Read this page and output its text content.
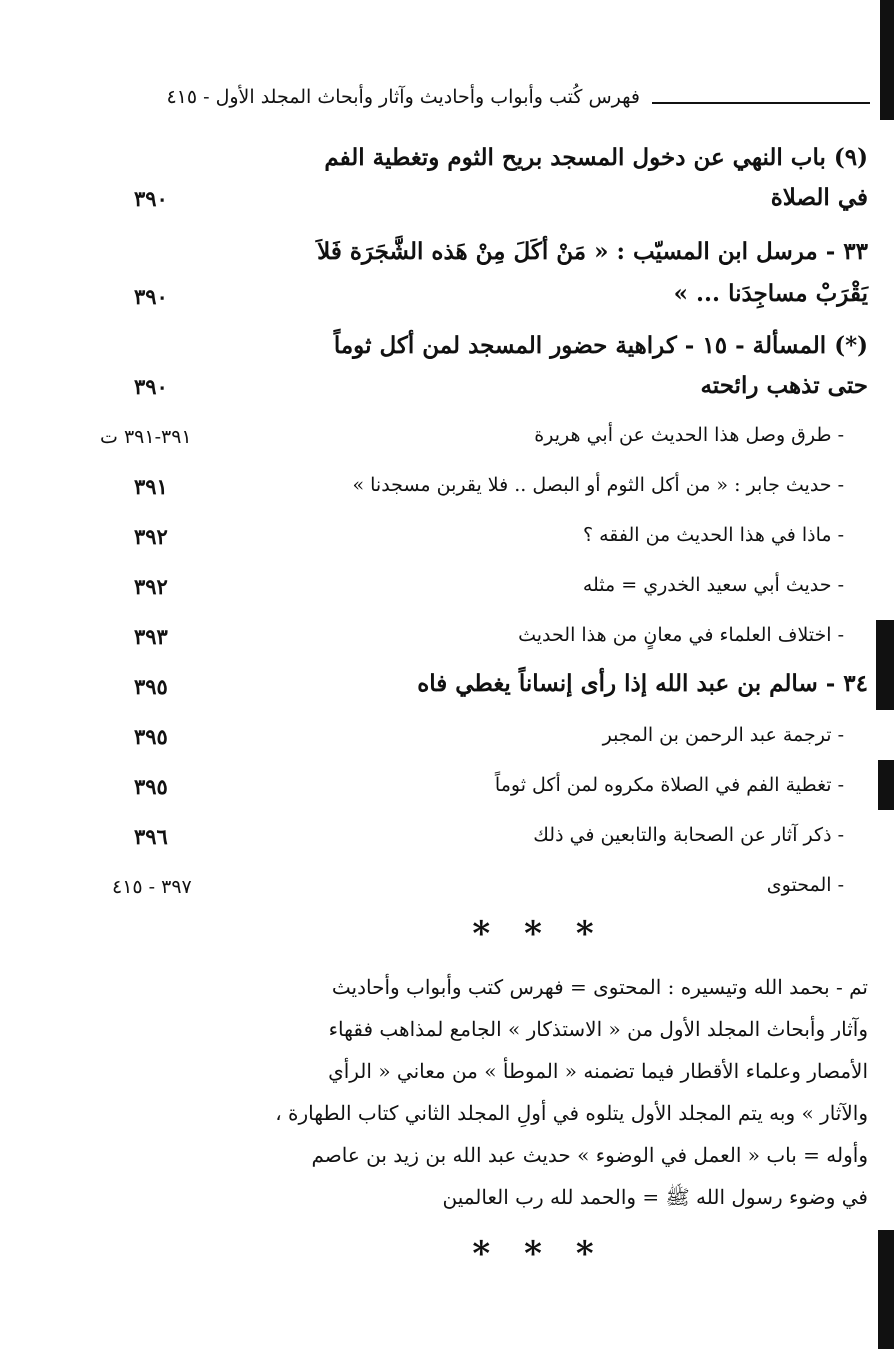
فهرس كُتب وأبواب وأحاديث وآثار وأبحاث المجلد الأول - ٤١٥
(٩) باب النهي عن دخول المسجد بريح الثوم وتغطية الفم
في الصلاة
٣٩٠
٣٣ - مرسل ابن المسيّب : « مَنْ أكَلَ مِنْ هَذه الشَّجَرَة فَلاَ
يَقْرَبْ مساجِدَنا ... »
٣٩٠
(*) المسألة - ١٥ - كراهية حضور المسجد لمن أكل ثوماً
حتى تذهب رائحته
٣٩٠
- طرق وصل هذا الحديث عن أبي هريرة
٣٩١-٣٩١ ت
- حديث جابر : « من أكل الثوم أو البصل .. فلا يقربن مسجدنا »
٣٩١
- ماذا في هذا الحديث من الفقه ؟
٣٩٢
- حديث أبي سعيد الخدري = مثله
٣٩٢
- اختلاف العلماء في معانٍ من هذا الحديث
٣٩٣
٣٤ - سالم بن عبد الله إذا رأى إنساناً يغطي فاه
٣٩٥
- ترجمة عبد الرحمن بن المجبر
٣٩٥
- تغطية الفم في الصلاة مكروه لمن أكل ثوماً
٣٩٥
- ذكر آثار عن الصحابة والتابعين في ذلك
٣٩٦
- المحتوى
٣٩٧ - ٤١٥
***
تم - بحمد الله وتيسيره : المحتوى = فهرس كتب وأبواب وأحاديث
وآثار وأبحاث المجلد الأول من « الاستذكار » الجامع لمذاهب فقهاء
الأمصار وعلماء الأقطار فيما تضمنه « الموطأ » من معاني « الرأي
والآثار » وبه يتم المجلد الأول يتلوه في أولِ المجلد الثاني كتاب الطهارة ،
وأوله = باب « العمل في الوضوء » حديث عبد الله بن زيد بن عاصم
في وضوء رسول الله ﷺ = والحمد لله رب العالمين
***
